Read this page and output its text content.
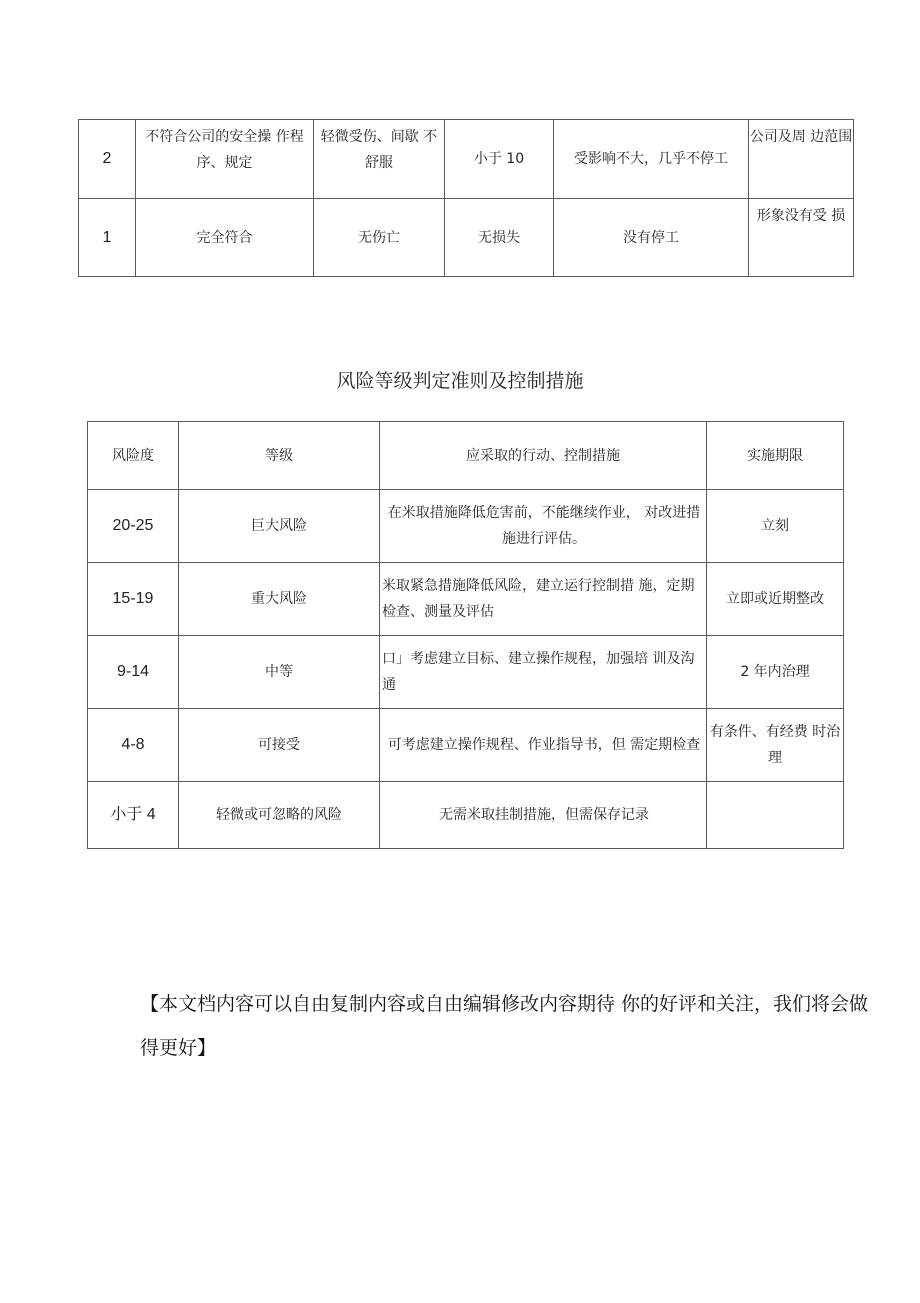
2	不符合公司的安全操 作程序、规定	轻微受伤、间歇 不舒服	小于 10	受影响不大，几乎不停工	公司及周 边范围
1	完全符合	无伤亡	无损失	没有停工	形象没有受 损
风险等级判定准则及控制措施
风险度	等级	应采取的行动、控制措施	实施期限
20-25	巨大风险	在米取措施降低危害前，不能继续作业， 对改进措施进行评估。	立刻
15-19	重大风险	米取紧急措施降低风险，建立运行控制措 施，定期检查、测量及评估	立即或近期整改
9-14	中等	口」考虑建立目标、建立操作规程，加强培 训及沟通	2 年内治理
4-8	可接受	可考虑建立操作规程、作业指导书，但 需定期检查	有条件、有经费 时治理
小于 4	轻微或可忽略的风险	无需米取挂制措施，但需保存记录	

【本文档内容可以自由复制内容或自由编辑修改内容期待 你的好评和关注，我们将会做得更好】
